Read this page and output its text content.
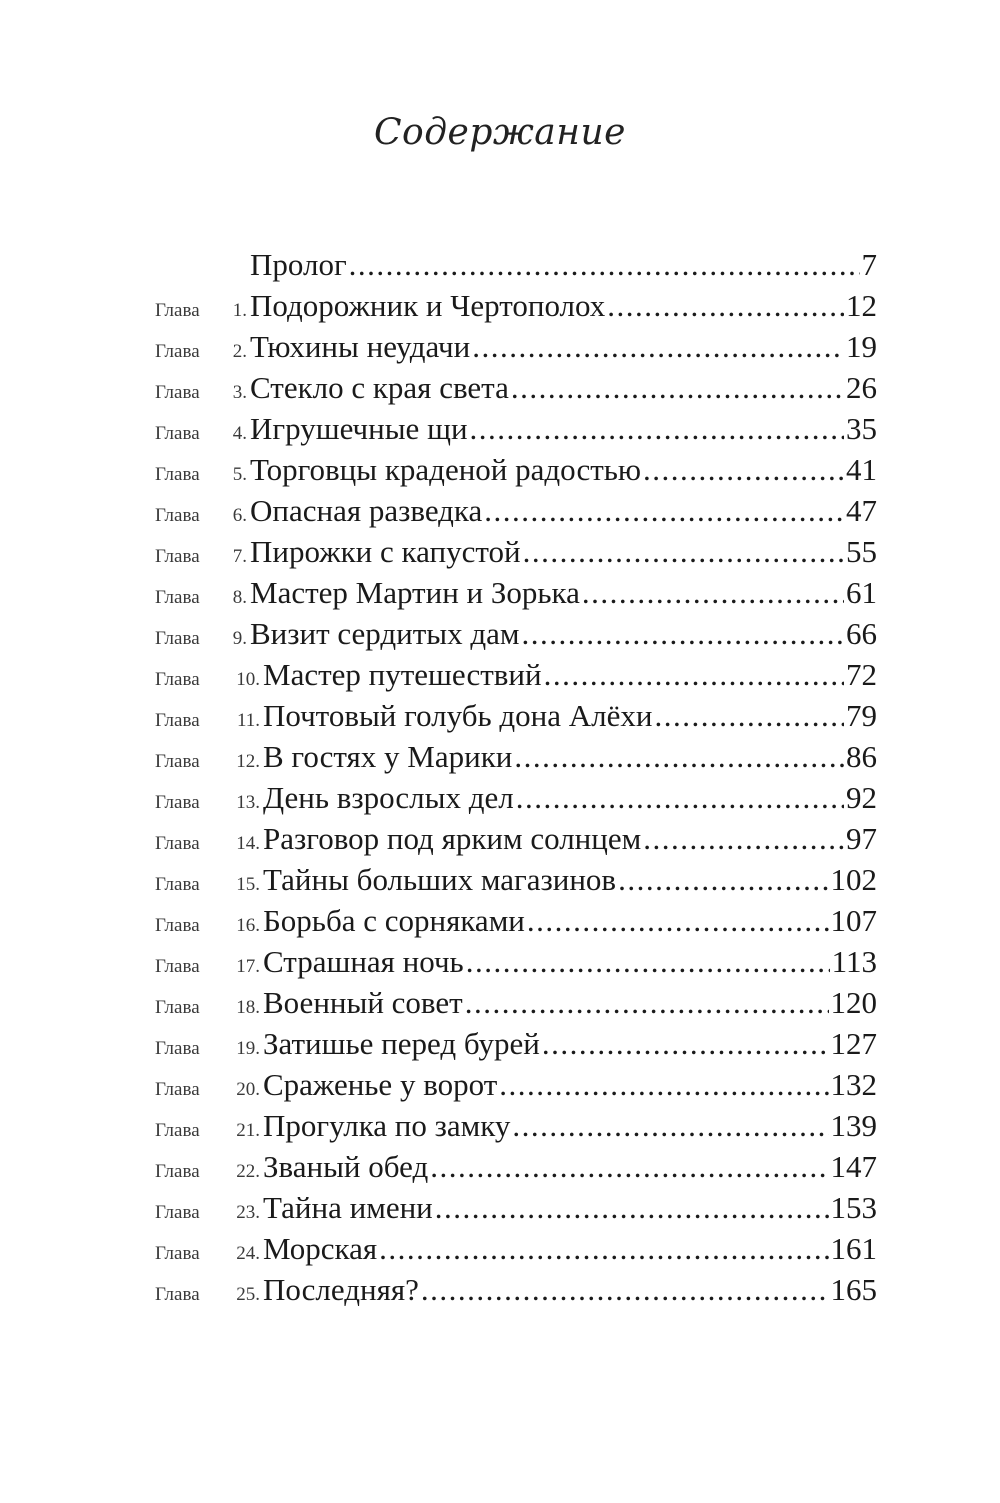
Содержание
Пролог .....	7
Глава 1. Подорожник и Чертополох .....	12
Глава 2. Тюхины неудачи .....	19
Глава 3. Стекло с края света .....	26
Глава 4. Игрушечные щи .....	35
Глава 5. Торговцы краденой радостью .....	41
Глава 6. Опасная разведка .....	47
Глава 7. Пирожки с капустой .....	55
Глава 8. Мастер Мартин и Зорька .....	61
Глава 9. Визит сердитых дам .....	66
Глава 10. Мастер путешествий .....	72
Глава 11. Почтовый голубь дона Алёхи .....	79
Глава 12. В гостях у Марики .....	86
Глава 13. День взрослых дел .....	92
Глава 14. Разговор под ярким солнцем .....	97
Глава 15. Тайны больших магазинов .....	102
Глава 16. Борьба с сорняками .....	107
Глава 17. Страшная ночь .....	113
Глава 18. Военный совет .....	120
Глава 19. Затишье перед бурей .....	127
Глава 20. Сраженье у ворот .....	132
Глава 21. Прогулка по замку .....	139
Глава 22. Званый обед .....	147
Глава 23. Тайна имени .....	153
Глава 24. Морская .....	161
Глава 25. Последняя? .....	165
